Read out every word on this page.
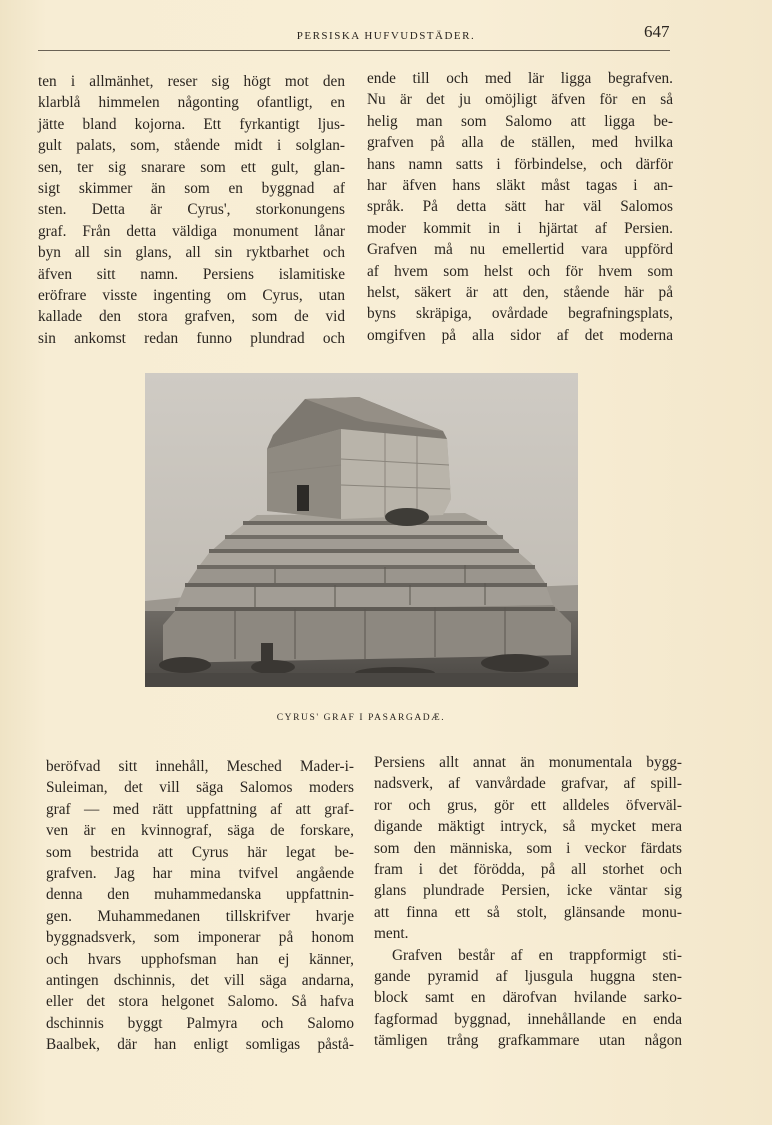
PERSISKA HUFVUDSTÄDER.	647
ten i allmänhet, reser sig högt mot den
klarblå himmelen någonting ofantligt, en
jätte bland kojorna. Ett fyrkantigt ljus-
gult palats, som, stående midt i solglan-
sen, ter sig snarare som ett gult, glan-
sigt skimmer än som en byggnad af
sten. Detta är Cyrus', storkonungens
graf. Från detta väldiga monument lånar
byn all sin glans, all sin ryktbarhet och
äfven sitt namn. Persiens islamitiske
eröfrare visste ingenting om Cyrus, utan
kallade den stora grafven, som de vid
sin ankomst redan funno plundrad och
ende till och med lär ligga begrafven.
Nu är det ju omöjligt äfven för en så
helig man som Salomo att ligga be-
grafven på alla de ställen, med hvilka
hans namn satts i förbindelse, och därför
har äfven hans släkt måst tagas i an-
språk. På detta sätt har väl Salomos
moder kommit in i hjärtat af Persien.
Grafven må nu emellertid vara uppförd
af hvem som helst och för hvem som
helst, säkert är att den, stående här på
byns skräpiga, ovårdade begrafningsplats,
omgifven på alla sidor af det moderna
CYRUS' GRAF I PASARGADÆ.
beröfvad sitt innehåll, Mesched Mader-i-
Suleiman, det vill säga Salomos moders
graf — med rätt uppfattning af att graf-
ven är en kvinnograf, säga de forskare,
som bestrida att Cyrus här legat be-
grafven. Jag har mina tvifvel angående
denna den muhammedanska uppfattnin-
gen. Muhammedanen tillskrifver hvarje
byggnadsverk, som imponerar på honom
och hvars upphofsman han ej känner,
antingen dschinnis, det vill säga andarna,
eller det stora helgonet Salomo. Så hafva
dschinnis byggt Palmyra och Salomo
Baalbek, där han enligt somligas påstå-
Persiens allt annat än monumentala bygg-
nadsverk, af vanvårdade grafvar, af spill-
ror och grus, gör ett alldeles öfverväl-
digande mäktigt intryck, så mycket mera
som den människa, som i veckor färdats
fram i det förödda, på all storhet och
glans plundrade Persien, icke väntar sig
att finna ett så stolt, glänsande monu-
ment.
Grafven består af en trappformigt sti-
gande pyramid af ljusgula huggna sten-
block samt en därofvan hvilande sarko-
fagformad byggnad, innehållande en enda
tämligen trång grafkammare utan någon
